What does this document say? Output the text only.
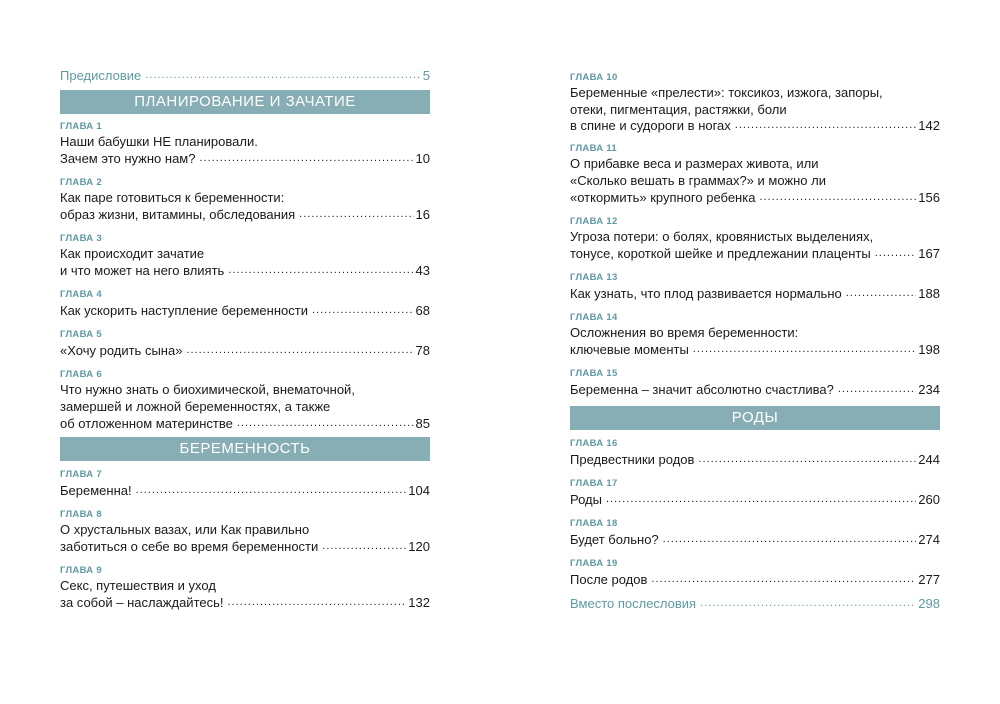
Предисловие .....	5
ПЛАНИРОВАНИЕ И ЗАЧАТИЕ
ГЛАВА 1
Наши бабушки НЕ планировали.
Зачем это нужно нам? .....	10
ГЛАВА 2
Как паре готовиться к беременности:
образ жизни, витамины, обследования .....	16
ГЛАВА 3
Как происходит зачатие
и что может на него влиять .....	43
ГЛАВА 4
Как ускорить наступление беременности .....	68
ГЛАВА 5
«Хочу родить сына» .....	78
ГЛАВА 6
Что нужно знать о биохимической, внематочной,
замершей и ложной беременностях, а также
об отложенном материнстве .....	85
БЕРЕМЕННОСТЬ
ГЛАВА 7
Беременна! .....	104
ГЛАВА 8
О хрустальных вазах, или Как правильно
заботиться о себе во время беременности .....	120
ГЛАВА 9
Секс, путешествия и уход
за собой – наслаждайтесь! .....	132
ГЛАВА 10
Беременные «прелести»: токсикоз, изжога, запоры,
отеки, пигментация, растяжки, боли
в спине и судороги в ногах .....	142
ГЛАВА 11
О прибавке веса и размерах живота, или
«Сколько вешать в граммах?» и можно ли
«откормить» крупного ребенка .....	156
ГЛАВА 12
Угроза потери: о болях, кровянистых выделениях,
тонусе, короткой шейке и предлежании плаценты .....	167
ГЛАВА 13
Как узнать, что плод развивается нормально .....	188
ГЛАВА 14
Осложнения во время беременности:
ключевые моменты .....	198
ГЛАВА 15
Беременна – значит абсолютно счастлива? .....	234
РОДЫ
ГЛАВА 16
Предвестники родов .....	244
ГЛАВА 17
Роды .....	260
ГЛАВА 18
Будет больно? .....	274
ГЛАВА 19
После родов .....	277
Вместо послесловия .....	298
